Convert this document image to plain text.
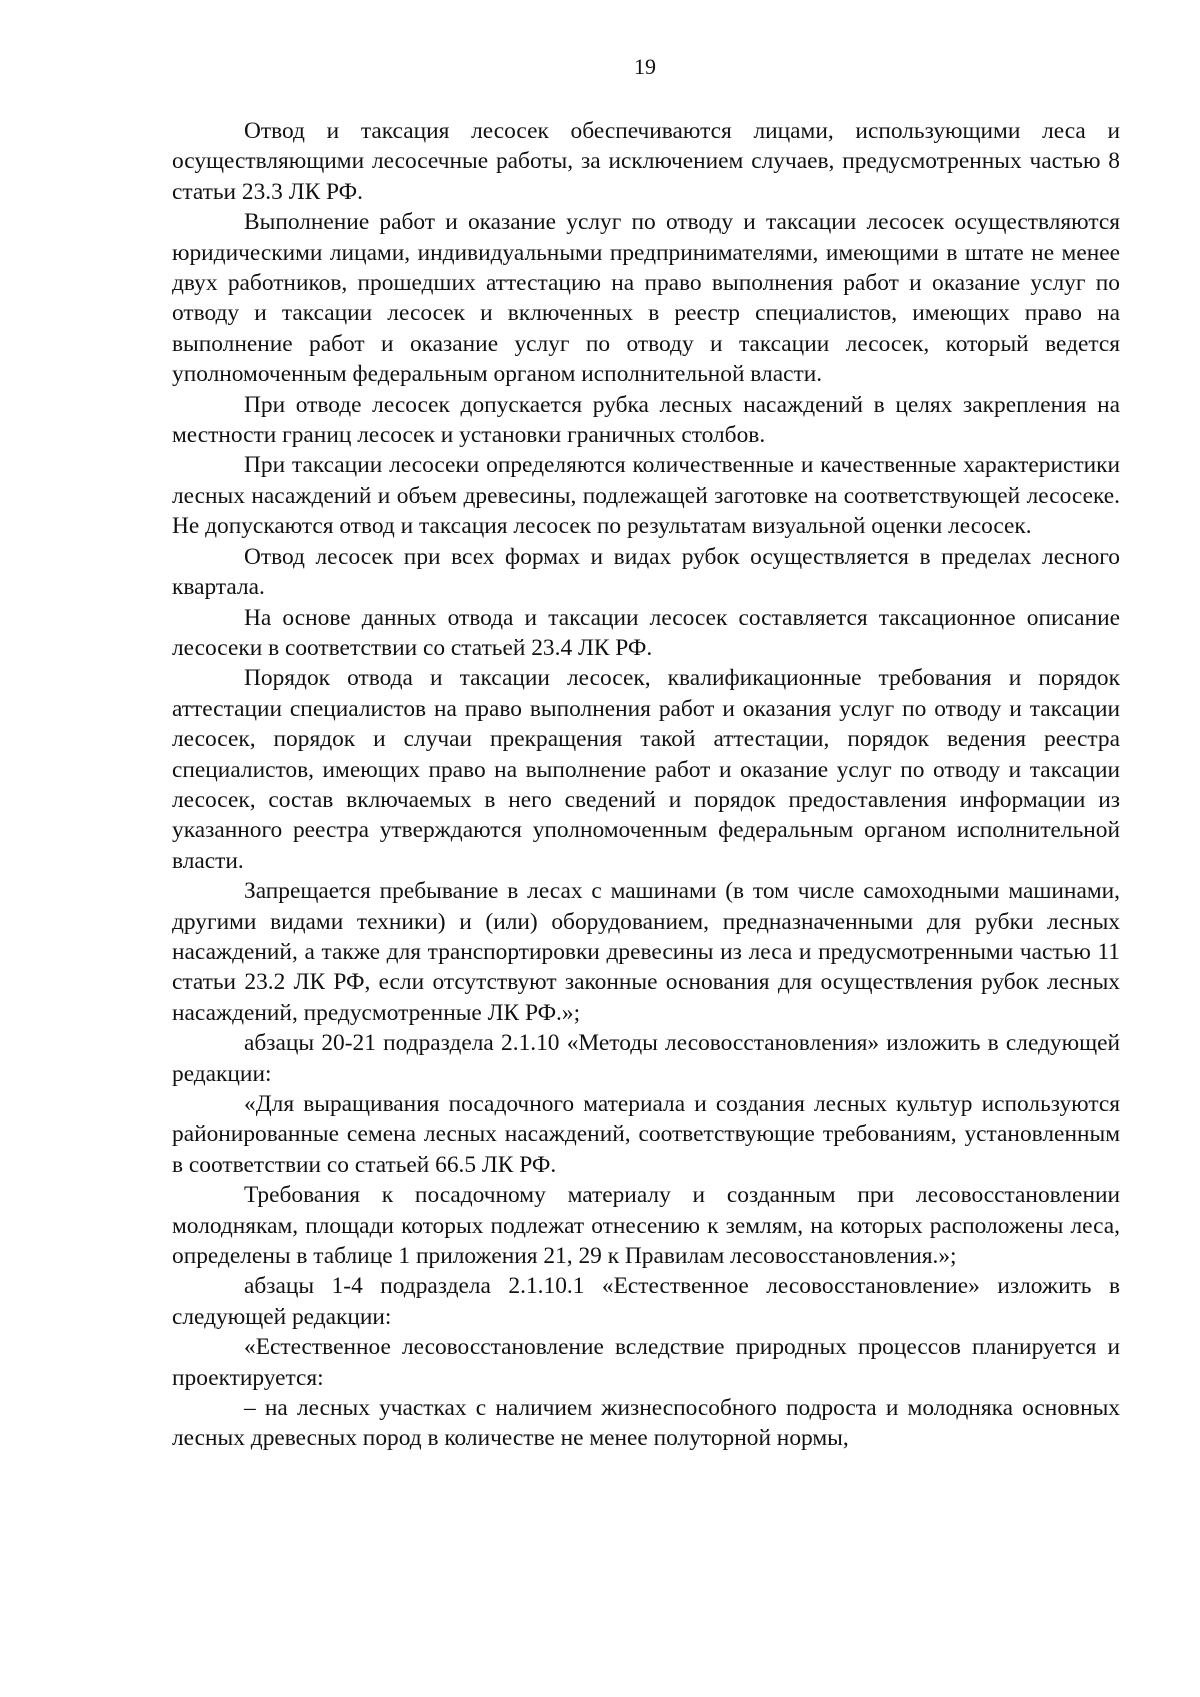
19

Отвод и таксация лесосек обеспечиваются лицами, использующими леса и осуществляющими лесосечные работы, за исключением случаев, предусмотренных частью 8 статьи 23.3 ЛК РФ.

Выполнение работ и оказание услуг по отводу и таксации лесосек осуществляются юридическими лицами, индивидуальными предпринимателями, имеющими в штате не менее двух работников, прошедших аттестацию на право выполнения работ и оказание услуг по отводу и таксации лесосек и включенных в реестр специалистов, имеющих право на выполнение работ и оказание услуг по отводу и таксации лесосек, который ведется уполномоченным федеральным органом исполнительной власти.

При отводе лесосек допускается рубка лесных насаждений в целях закрепления на местности границ лесосек и установки граничных столбов.

При таксации лесосеки определяются количественные и качественные характеристики лесных насаждений и объем древесины, подлежащей заготовке на соответствующей лесосеке. Не допускаются отвод и таксация лесосек по результатам визуальной оценки лесосек.

Отвод лесосек при всех формах и видах рубок осуществляется в пределах лесного квартала.

На основе данных отвода и таксации лесосек составляется таксационное описание лесосеки в соответствии со статьей 23.4 ЛК РФ.

Порядок отвода и таксации лесосек, квалификационные требования и порядок аттестации специалистов на право выполнения работ и оказания услуг по отводу и таксации лесосек, порядок и случаи прекращения такой аттестации, порядок ведения реестра специалистов, имеющих право на выполнение работ и оказание услуг по отводу и таксации лесосек, состав включаемых в него сведений и порядок предоставления информации из указанного реестра утверждаются уполномоченным федеральным органом исполнительной власти.

Запрещается пребывание в лесах с машинами (в том числе самоходными машинами, другими видами техники) и (или) оборудованием, предназначенными для рубки лесных насаждений, а также для транспортировки древесины из леса и предусмотренными частью 11 статьи 23.2 ЛК РФ, если отсутствуют законные основания для осуществления рубок лесных насаждений, предусмотренные ЛК РФ.»;

абзацы 20-21 подраздела 2.1.10 «Методы лесовосстановления» изложить в следующей редакции:

«Для выращивания посадочного материала и создания лесных культур используются районированные семена лесных насаждений, соответствующие требованиям, установленным в соответствии со статьей 66.5 ЛК РФ.

Требования к посадочному материалу и созданным при лесовосстановлении молоднякам, площади которых подлежат отнесению к землям, на которых расположены леса, определены в таблице 1 приложения 21, 29 к Правилам лесовосстановления.»;

абзацы 1-4 подраздела 2.1.10.1 «Естественное лесовосстановление» изложить в следующей редакции:

«Естественное лесовосстановление вследствие природных процессов планируется и проектируется:

– на лесных участках с наличием жизнеспособного подроста и молодняка основных лесных древесных пород в количестве не менее полуторной нормы,
